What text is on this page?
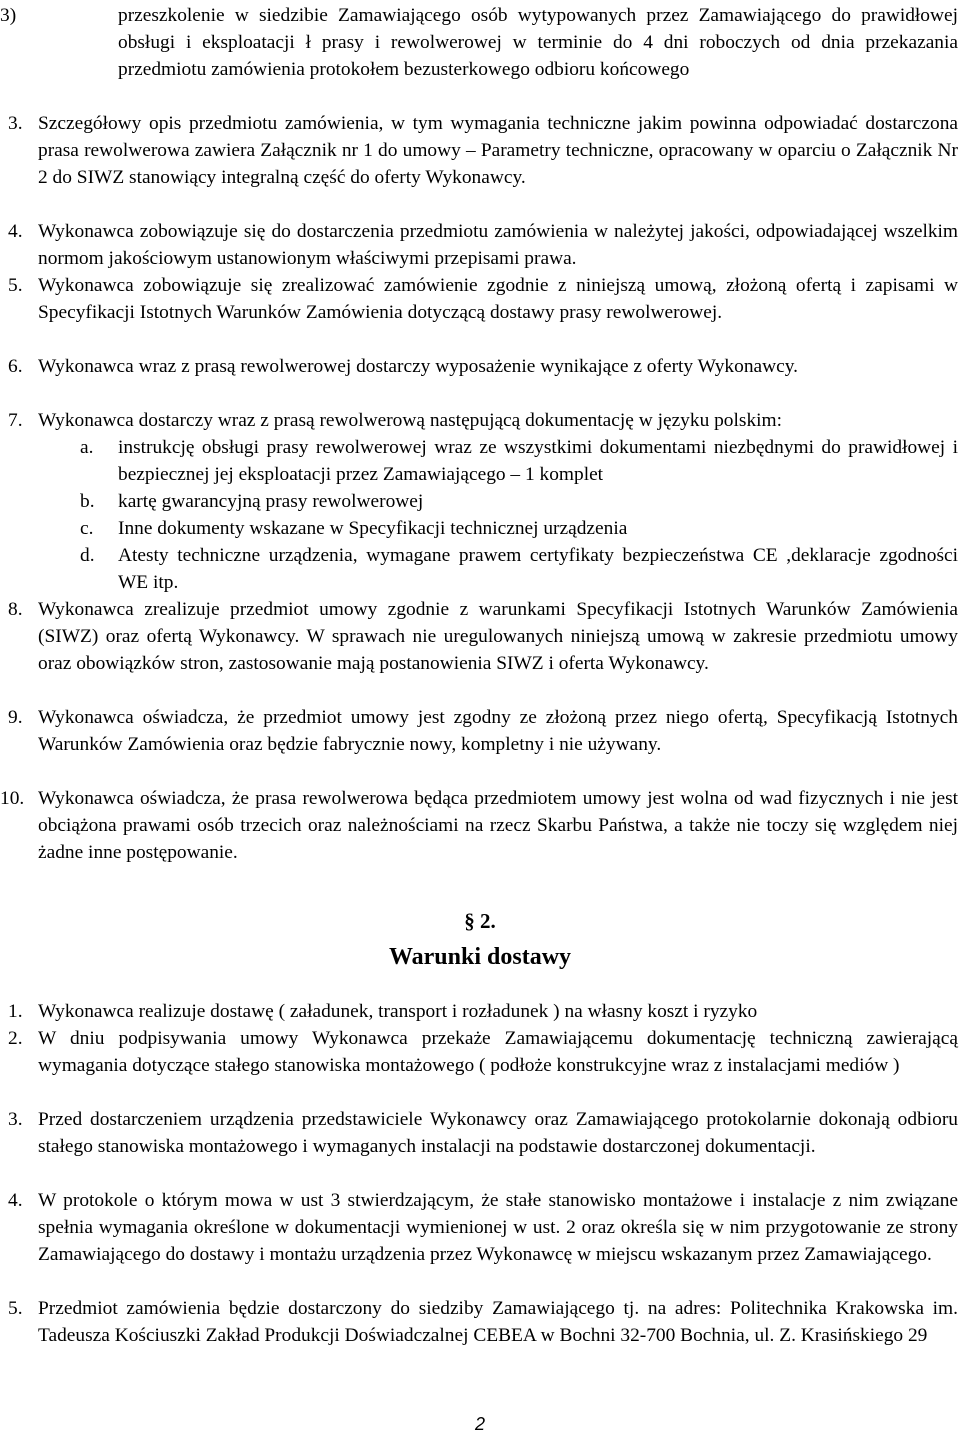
3)	przeszkolenie w siedzibie Zamawiającego osób wytypowanych przez Zamawiającego do prawidłowej obsługi i eksploatacji ł prasy i rewolwerowej w terminie do 4 dni roboczych od dnia przekazania przedmiotu zamówienia protokołem bezusterkowego odbioru końcowego
3. Szczegółowy opis przedmiotu zamówienia, w tym wymagania techniczne jakim powinna odpowiadać dostarczona prasa rewolwerowa zawiera Załącznik nr 1 do umowy – Parametry techniczne, opracowany w oparciu o Załącznik Nr 2 do SIWZ stanowiący integralną część do oferty Wykonawcy.
4. Wykonawca zobowiązuje się do dostarczenia przedmiotu zamówienia w należytej jakości, odpowiadającej wszelkim normom jakościowym ustanowionym właściwymi przepisami prawa.
5. Wykonawca zobowiązuje się zrealizować zamówienie zgodnie z niniejszą umową, złożoną ofertą i zapisami w Specyfikacji Istotnych Warunków Zamówienia dotyczącą dostawy prasy rewolwerowej.
6. Wykonawca wraz z prasą rewolwerowej dostarczy wyposażenie wynikające z oferty Wykonawcy.
7. Wykonawca dostarczy wraz z prasą rewolwerową następującą dokumentację w języku polskim:
a. instrukcję obsługi prasy rewolwerowej wraz ze wszystkimi dokumentami niezbędnymi do prawidłowej i bezpiecznej jej eksploatacji przez Zamawiającego – 1 komplet
b. kartę gwarancyjną prasy rewolwerowej
c. Inne dokumenty wskazane w Specyfikacji technicznej urządzenia
d. Atesty techniczne urządzenia, wymagane prawem certyfikaty bezpieczeństwa CE ,deklaracje zgodności WE itp.
8. Wykonawca zrealizuje przedmiot umowy zgodnie z warunkami Specyfikacji Istotnych Warunków Zamówienia (SIWZ) oraz ofertą Wykonawcy. W sprawach nie uregulowanych niniejszą umową w zakresie przedmiotu umowy oraz obowiązków stron, zastosowanie mają postanowienia SIWZ i oferta Wykonawcy.
9. Wykonawca oświadcza, że przedmiot umowy jest zgodny ze złożoną przez niego ofertą, Specyfikacją Istotnych Warunków Zamówienia oraz będzie fabrycznie nowy, kompletny i nie używany.
10. Wykonawca oświadcza, że prasa rewolwerowa będąca przedmiotem umowy jest wolna od wad fizycznych i nie jest obciążona prawami osób trzecich oraz należnościami na rzecz Skarbu Państwa, a także nie toczy się względem niej żadne inne postępowanie.
§ 2.
Warunki dostawy
1. Wykonawca realizuje dostawę ( załadunek, transport i rozładunek ) na własny koszt i ryzyko
2. W dniu podpisywania umowy Wykonawca przekaże Zamawiającemu dokumentację techniczną zawierającą wymagania dotyczące stałego stanowiska montażowego ( podłoże konstrukcyjne wraz z instalacjami mediów )
3. Przed dostarczeniem urządzenia przedstawiciele Wykonawcy oraz Zamawiającego protokolarnie dokonają odbioru stałego stanowiska montażowego i wymaganych instalacji na podstawie dostarczonej dokumentacji.
4. W protokole o którym mowa w ust 3 stwierdzającym, że stałe stanowisko montażowe i instalacje z nim związane spełnia wymagania określone w dokumentacji wymienionej w ust. 2 oraz określa się w nim przygotowanie ze strony Zamawiającego do dostawy i montażu urządzenia przez Wykonawcę w miejscu wskazanym przez Zamawiającego.
5. Przedmiot zamówienia będzie dostarczony do siedziby Zamawiającego tj. na adres: Politechnika Krakowska im. Tadeusza Kościuszki Zakład Produkcji Doświadczalnej CEBEA w Bochni 32-700 Bochnia, ul. Z. Krasińskiego 29
2
